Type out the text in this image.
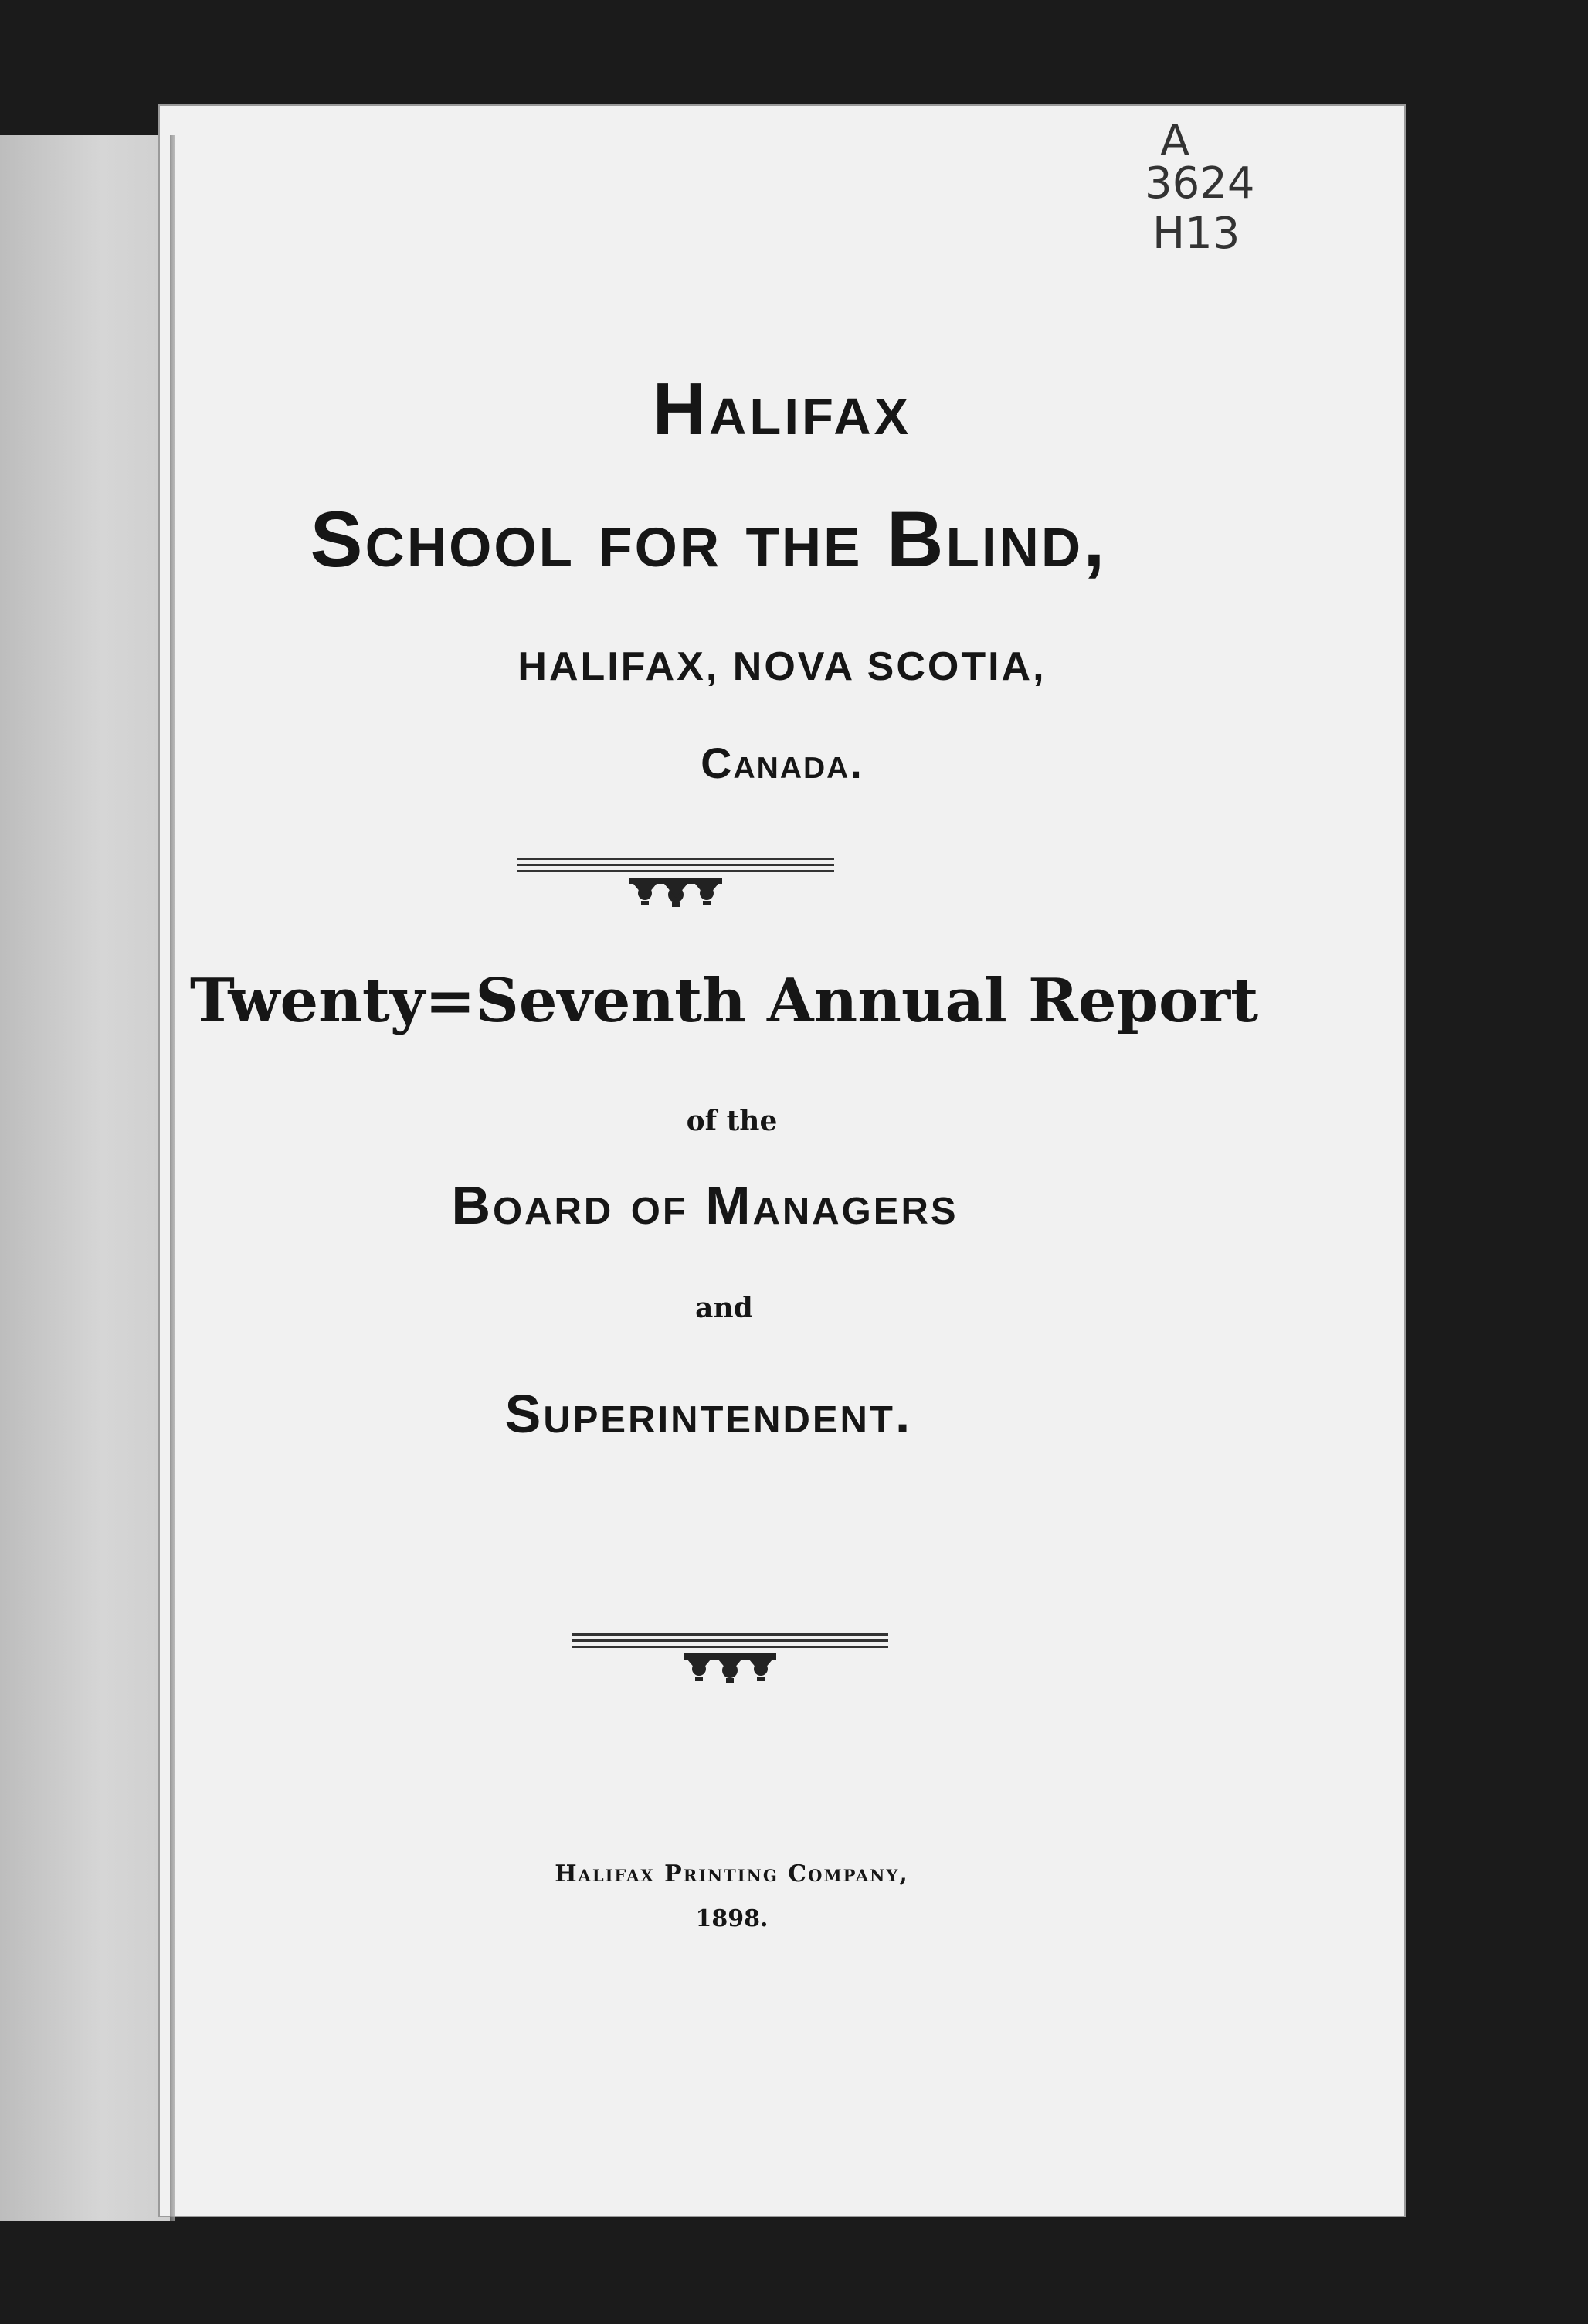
A
3624
H13
Halifax
School for the Blind,
HALIFAX, NOVA SCOTIA,
Canada.
Twenty=Seventh Annual Report
of the
Board of Managers
and
Superintendent.
Halifax Printing Company,
1898.
